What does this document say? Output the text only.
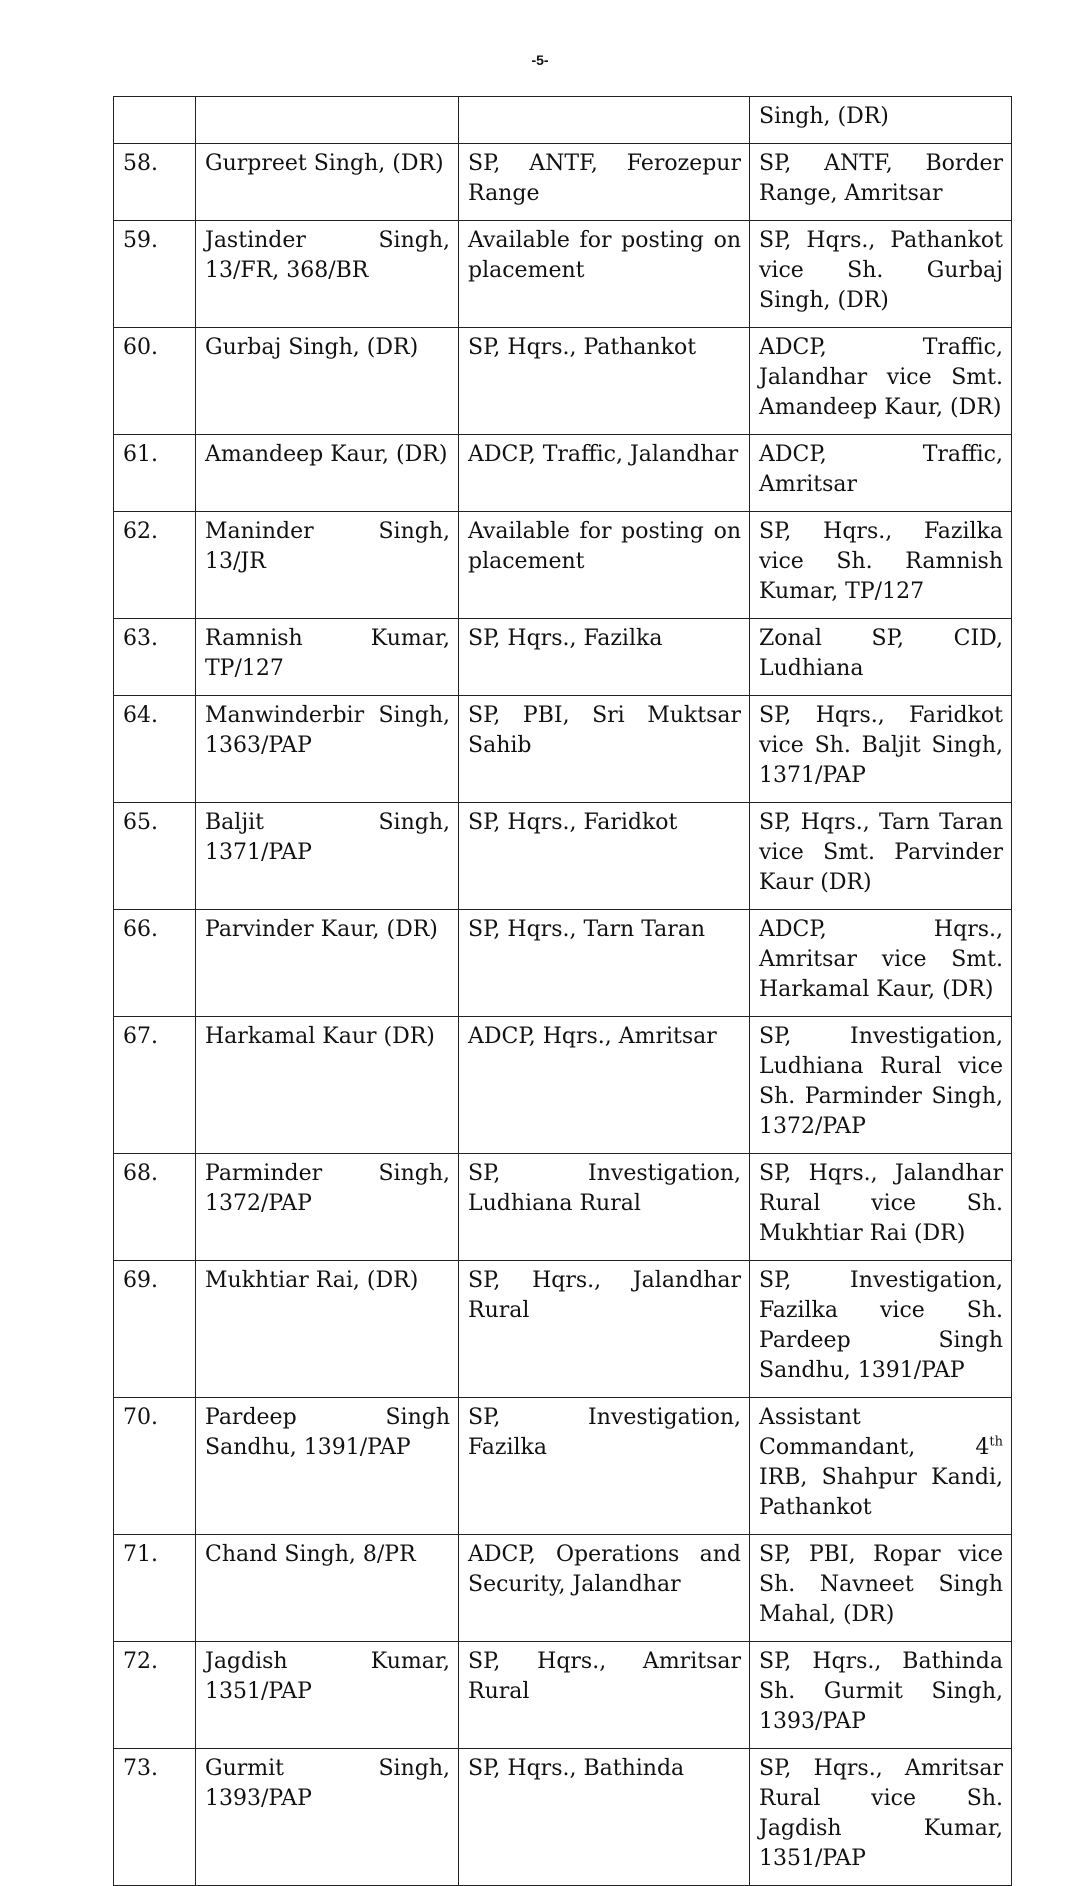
-5-
			Singh, (DR)
58.	Gurpreet Singh, (DR)	SP, ANTF, Ferozepur Range	SP, ANTF, Border Range, Amritsar
59.	Jastinder Singh, 13/FR, 368/BR	Available for posting on placement	SP, Hqrs., Pathankot vice Sh. Gurbaj Singh, (DR)
60.	Gurbaj Singh, (DR)	SP, Hqrs., Pathankot	ADCP, Traffic, Jalandhar vice Smt. Amandeep Kaur, (DR)
61.	Amandeep Kaur, (DR)	ADCP, Traffic, Jalandhar	ADCP, Traffic, Amritsar
62.	Maninder Singh, 13/JR	Available for posting on placement	SP, Hqrs., Fazilka vice Sh. Ramnish Kumar, TP/127
63.	Ramnish Kumar, TP/127	SP, Hqrs., Fazilka	Zonal SP, CID, Ludhiana
64.	Manwinderbir Singh, 1363/PAP	SP, PBI, Sri Muktsar Sahib	SP, Hqrs., Faridkot vice Sh. Baljit Singh, 1371/PAP
65.	Baljit Singh, 1371/PAP	SP, Hqrs., Faridkot	SP, Hqrs., Tarn Taran vice Smt. Parvinder Kaur (DR)
66.	Parvinder Kaur, (DR)	SP, Hqrs., Tarn Taran	ADCP, Hqrs., Amritsar vice Smt. Harkamal Kaur, (DR)
67.	Harkamal Kaur (DR)	ADCP, Hqrs., Amritsar	SP, Investigation, Ludhiana Rural vice Sh. Parminder Singh, 1372/PAP
68.	Parminder Singh, 1372/PAP	SP, Investigation, Ludhiana Rural	SP, Hqrs., Jalandhar Rural vice Sh. Mukhtiar Rai (DR)
69.	Mukhtiar Rai, (DR)	SP, Hqrs., Jalandhar Rural	SP, Investigation, Fazilka vice Sh. Pardeep Singh Sandhu, 1391/PAP
70.	Pardeep Singh Sandhu, 1391/PAP	SP, Investigation, Fazilka	Assistant Commandant, 4th IRB, Shahpur Kandi, Pathankot
71.	Chand Singh, 8/PR	ADCP, Operations and Security, Jalandhar	SP, PBI, Ropar vice Sh. Navneet Singh Mahal, (DR)
72.	Jagdish Kumar, 1351/PAP	SP, Hqrs., Amritsar Rural	SP, Hqrs., Bathinda Sh. Gurmit Singh, 1393/PAP
73.	Gurmit Singh, 1393/PAP	SP, Hqrs., Bathinda	SP, Hqrs., Amritsar Rural vice Sh. Jagdish Kumar, 1351/PAP
